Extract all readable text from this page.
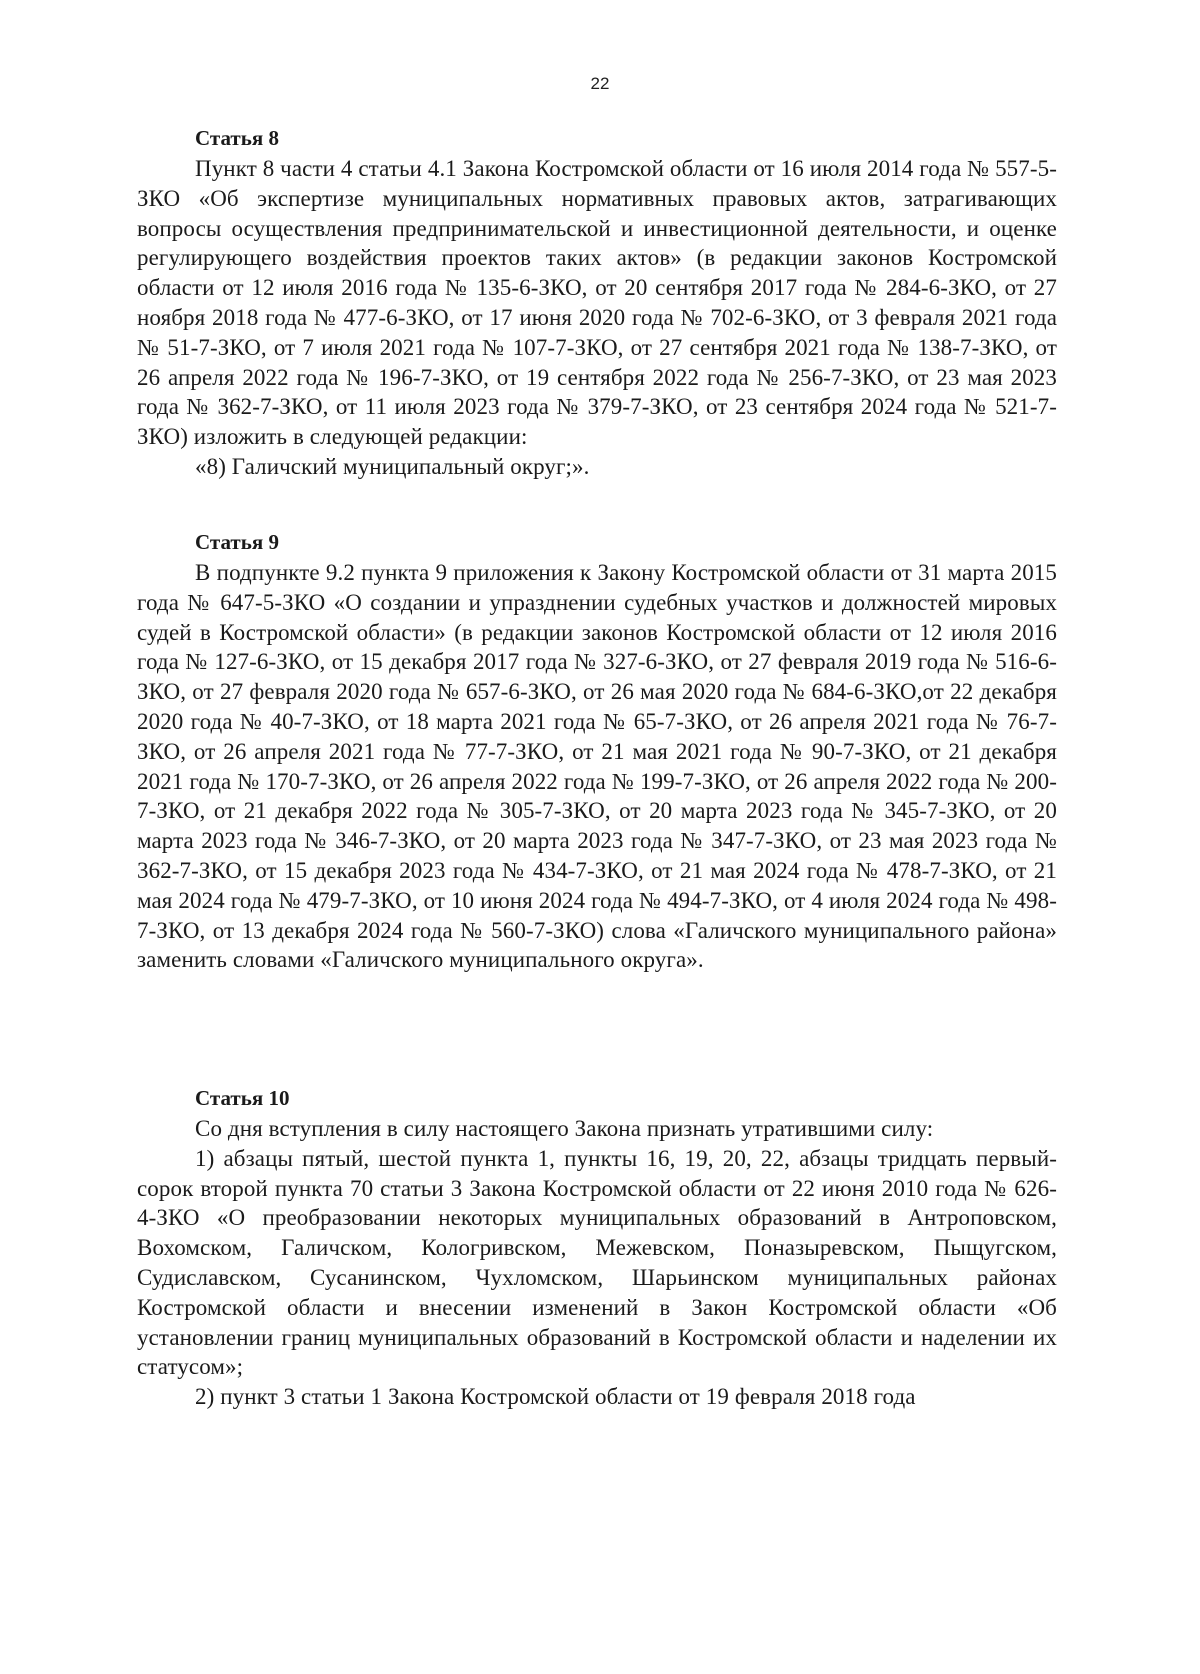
22
Статья 8

Пункт 8 части 4 статьи 4.1 Закона Костромской области от 16 июля 2014 года № 557-5-ЗКО «Об экспертизе муниципальных нормативных правовых актов, затрагивающих вопросы осуществления предпринимательской и инвестиционной деятельности, и оценке регулирующего воздействия проектов таких актов» (в редакции законов Костромской области от 12 июля 2016 года № 135-6-ЗКО, от 20 сентября 2017 года № 284-6-ЗКО, от 27 ноября 2018 года № 477-6-ЗКО, от 17 июня 2020 года № 702-6-ЗКО, от 3 февраля 2021 года № 51-7-ЗКО, от 7 июля 2021 года № 107-7-ЗКО, от 27 сентября 2021 года № 138-7-ЗКО, от 26 апреля 2022 года № 196-7-ЗКО, от 19 сентября 2022 года № 256-7-ЗКО, от 23 мая 2023 года № 362-7-ЗКО, от 11 июля 2023 года № 379-7-ЗКО, от 23 сентября 2024 года № 521-7-ЗКО) изложить в следующей редакции:

«8) Галичский муниципальный округ;».

Статья 9

В подпункте 9.2 пункта 9 приложения к Закону Костромской области от 31 марта 2015 года № 647-5-ЗКО «О создании и упразднении судебных участков и должностей мировых судей в Костромской области» (в редакции законов Костромской области от 12 июля 2016 года № 127-6-ЗКО, от 15 декабря 2017 года № 327-6-ЗКО, от 27 февраля 2019 года № 516-6-ЗКО, от 27 февраля 2020 года № 657-6-ЗКО, от 26 мая 2020 года № 684-6-ЗКО,от 22 декабря 2020 года № 40-7-ЗКО, от 18 марта 2021 года № 65-7-ЗКО, от 26 апреля 2021 года № 76-7-ЗКО, от 26 апреля 2021 года № 77-7-ЗКО, от 21 мая 2021 года № 90-7-ЗКО, от 21 декабря 2021 года № 170-7-ЗКО, от 26 апреля 2022 года № 199-7-ЗКО, от 26 апреля 2022 года № 200-7-ЗКО, от 21 декабря 2022 года № 305-7-ЗКО, от 20 марта 2023 года № 345-7-ЗКО, от 20 марта 2023 года № 346-7-ЗКО, от 20 марта 2023 года № 347-7-ЗКО, от 23 мая 2023 года № 362-7-ЗКО, от 15 декабря 2023 года № 434-7-ЗКО, от 21 мая 2024 года № 478-7-ЗКО, от 21 мая 2024 года № 479-7-ЗКО, от 10 июня 2024 года № 494-7-ЗКО, от 4 июля 2024 года № 498-7-ЗКО, от 13 декабря 2024 года № 560-7-ЗКО) слова «Галичского муниципального района» заменить словами «Галичского муниципального округа».

Статья 10

Со дня вступления в силу настоящего Закона признать утратившими силу:

1) абзацы пятый, шестой пункта 1, пункты 16, 19, 20, 22, абзацы тридцать первый-сорок второй пункта 70 статьи 3 Закона Костромской области от 22 июня 2010 года № 626-4-ЗКО «О преобразовании некоторых муниципальных образований в Антроповском, Вохомском, Галичском, Кологривском, Межевском, Поназыревском, Пыщугском, Судиславском, Сусанинском, Чухломском, Шарьинском муниципальных районах Костромской области и внесении изменений в Закон Костромской области «Об установлении границ муниципальных образований в Костромской области и наделении их статусом»;

2) пункт 3 статьи 1 Закона Костромской области от 19 февраля 2018 года
